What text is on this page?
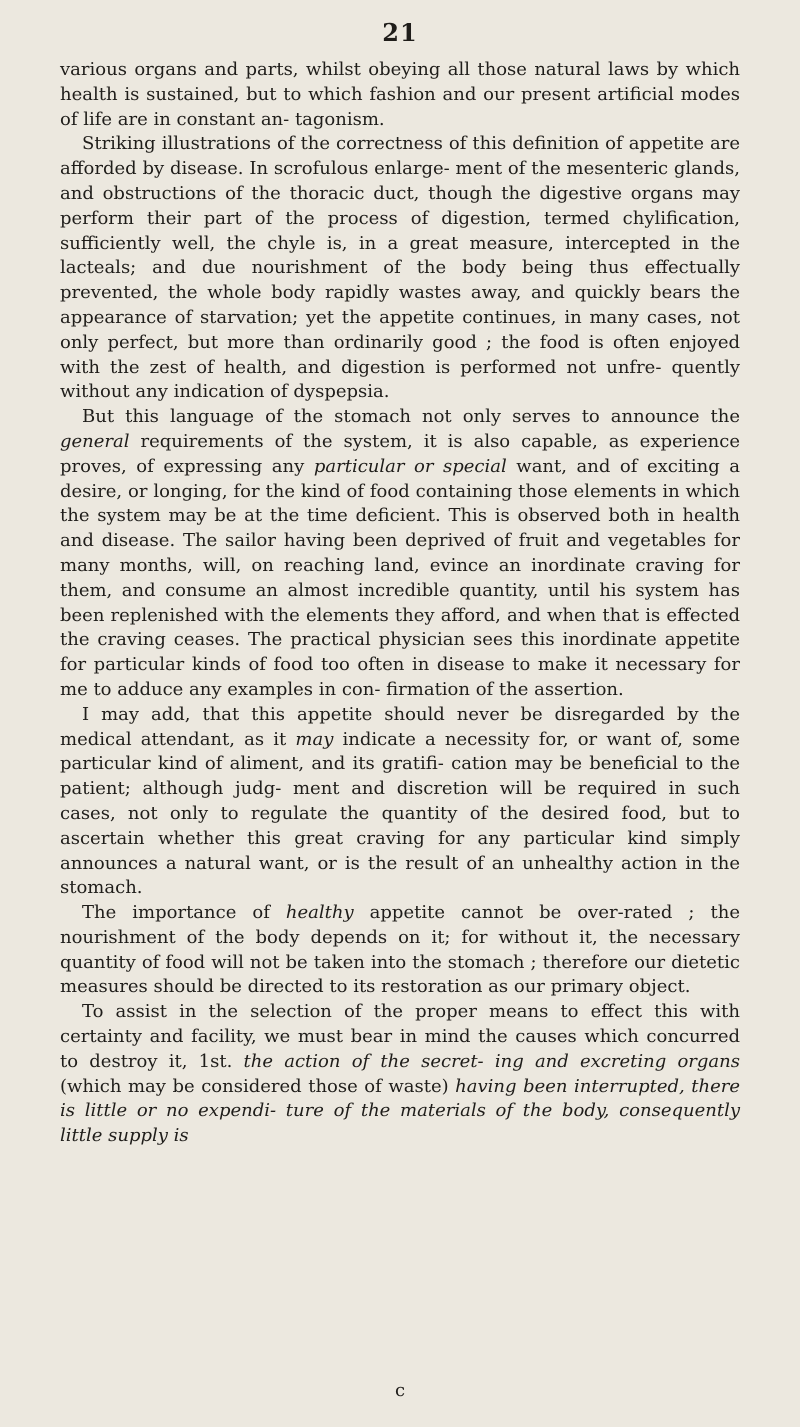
21

various organs and parts, whilst obeying all those natural laws by which health is sustained, but to which fashion and our present artificial modes of life are in constant an- tagonism.

Striking illustrations of the correctness of this definition of appetite are afforded by disease. In scrofulous enlarge- ment of the mesenteric glands, and obstructions of the thoracic duct, though the digestive organs may perform their part of the process of digestion, termed chylification, sufficiently well, the chyle is, in a great measure, intercepted in the lacteals; and due nourishment of the body being thus effectually prevented, the whole body rapidly wastes away, and quickly bears the appearance of starvation; yet the appetite continues, in many cases, not only perfect, but more than ordinarily good ; the food is often enjoyed with the zest of health, and digestion is performed not unfre- quently without any indication of dyspepsia.

But this language of the stomach not only serves to announce the general requirements of the system, it is also capable, as experience proves, of expressing any particular or special want, and of exciting a desire, or longing, for the kind of food containing those elements in which the system may be at the time deficient. This is observed both in health and disease. The sailor having been deprived of fruit and vegetables for many months, will, on reaching land, evince an inordinate craving for them, and consume an almost incredible quantity, until his system has been replenished with the elements they afford, and when that is effected the craving ceases. The practical physician sees this inordinate appetite for particular kinds of food too often in disease to make it necessary for me to adduce any examples in con- firmation of the assertion.

I may add, that this appetite should never be disregarded by the medical attendant, as it may indicate a necessity for, or want of, some particular kind of aliment, and its gratifi- cation may be beneficial to the patient; although judg- ment and discretion will be required in such cases, not only to regulate the quantity of the desired food, but to ascertain whether this great craving for any particular kind simply announces a natural want, or is the result of an unhealthy action in the stomach.

The importance of healthy appetite cannot be over-rated ; the nourishment of the body depends on it; for without it, the necessary quantity of food will not be taken into the stomach ; therefore our dietetic measures should be directed to its restoration as our primary object.

To assist in the selection of the proper means to effect this with certainty and facility, we must bear in mind the causes which concurred to destroy it, 1st. the action of the secret- ing and excreting organs (which may be considered those of waste) having been interrupted, there is little or no expendi- ture of the materials of the body, consequently little supply is

c
